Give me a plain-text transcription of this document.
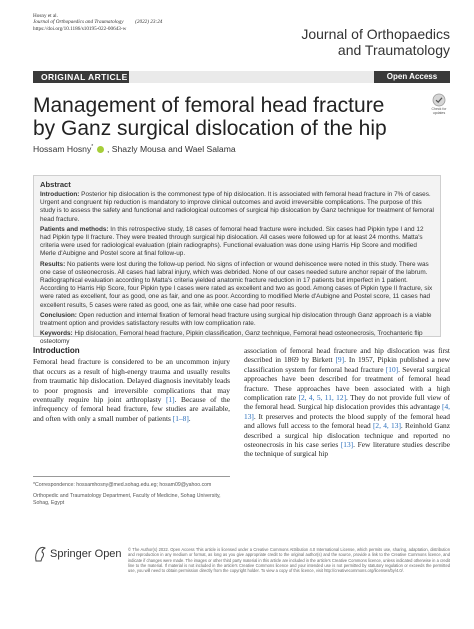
Hosny et al.
Journal of Orthopaedics and Traumatology (2022) 23:24
https://doi.org/10.1186/s10195-022-00643-w	Journal of Orthopaedics
and Traumatology
ORIGINAL ARTICLE	Open Access
Management of femoral head fracture by Ganz surgical dislocation of the hip
Check for
updates
Hossam Hosny* , Shazly Mousa and Wael Salama
Abstract

Introduction: Posterior hip dislocation is the commonest type of hip dislocation. It is associated with femoral head fracture in 7% of cases. Urgent and congruent hip reduction is mandatory to improve clinical outcomes and avoid irreversible complications. The purpose of this study is to assess the safety and functional and radiological outcomes of surgical hip dislocation by Ganz technique for treatment of femoral head fracture.

Patients and methods: In this retrospective study, 18 cases of femoral head fracture were included. Six cases had Pipkin type I and 12 had Pipkin type II fracture. They were treated through surgical hip dislocation. All cases were followed up for at least 24 months. Matta's criteria were used for radiological evaluation (plain radiographs). Functional evaluation was done using Harris Hip Score and modified Merle d'Aubigne and Postel score at final follow-up.

Results: No patients were lost during the follow-up period. No signs of infection or wound dehiscence were noted in this study. There was one case of osteonecrosis. All cases had labral injury, which was debrided. None of our cases needed suture anchor repair of the labrum. Radiographical evaluation according to Matta's criteria yielded anatomic fracture reduction in 17 patients but imperfect in 1 patient. According to Harris Hip Score, four Pipkin type I cases were rated as excellent and two as good. Among cases of Pipkin type II fracture, six were rated as excellent, four as good, one as fair, and one as poor. According to modified Merle d'Aubigne and Postel score, 11 cases had excellent results, 5 cases were rated as good, one as fair, while one case had poor results.

Conclusion: Open reduction and internal fixation of femoral head fracture using surgical hip dislocation through Ganz approach is a viable treatment option and provides satisfactory results with low complication rate.

Keywords: Hip dislocation, Femoral head fracture, Pipkin classification, Ganz technique, Femoral head osteonecrosis, Trochanteric flip osteotomy

Introduction
Femoral head fracture is considered to be an uncommon injury that occurs as a result of high-energy trauma and usually results from traumatic hip dislocation. Delayed diagnosis inevitably leads to poor prognosis and irreversible complications that may eventually require hip joint arthroplasty [1]. Because of the infrequency of femoral head fracture, few studies are available, and often with only a small number of patients [1–8].
association of femoral head fracture and hip dislocation was first described in 1869 by Birkett [9]. In 1957, Pipkin published a new classification system for femoral head fracture [10]. Several surgical approaches have been described for treatment of femoral head fracture. These approaches have been associated with a high complication rate [2, 4, 5, 11, 12]. They do not provide full view of the femoral head. Surgical hip dislocation provides this advantage [4, 13]. It preserves and protects the blood supply of the femoral head and allows full access to the femoral head [2, 4, 13]. Reinhold Ganz described a surgical hip dislocation technique and reported no osteonecrosis in his case series [13]. Few literature studies describe the technique of surgical hip
*Correspondence: hossamhosny@med.sohag.edu.eg; hosam09@yahoo.com
Orthopedic and Traumatology Department, Faculty of Medicine, Sohag University, Sohag, Egypt
Springer Open © The Author(s) 2022. Open Access This article is licensed under a Creative Commons Attribution 4.0 International License, which permits use, sharing, adaptation, distribution and reproduction in any medium or format, as long as you give appropriate credit to the original author(s) and the source, provide a link to the Creative Commons licence, and indicate if changes were made. The images or other third party material in this article are included in the article's Creative Commons licence, unless indicated otherwise in a credit line to the material. If material is not included in the article's Creative Commons licence and your intended use is not permitted by statutory regulation or exceeds the permitted use, you will need to obtain permission directly from the copyright holder. To view a copy of this licence, visit http://creativecommons.org/licenses/by/4.0/.
